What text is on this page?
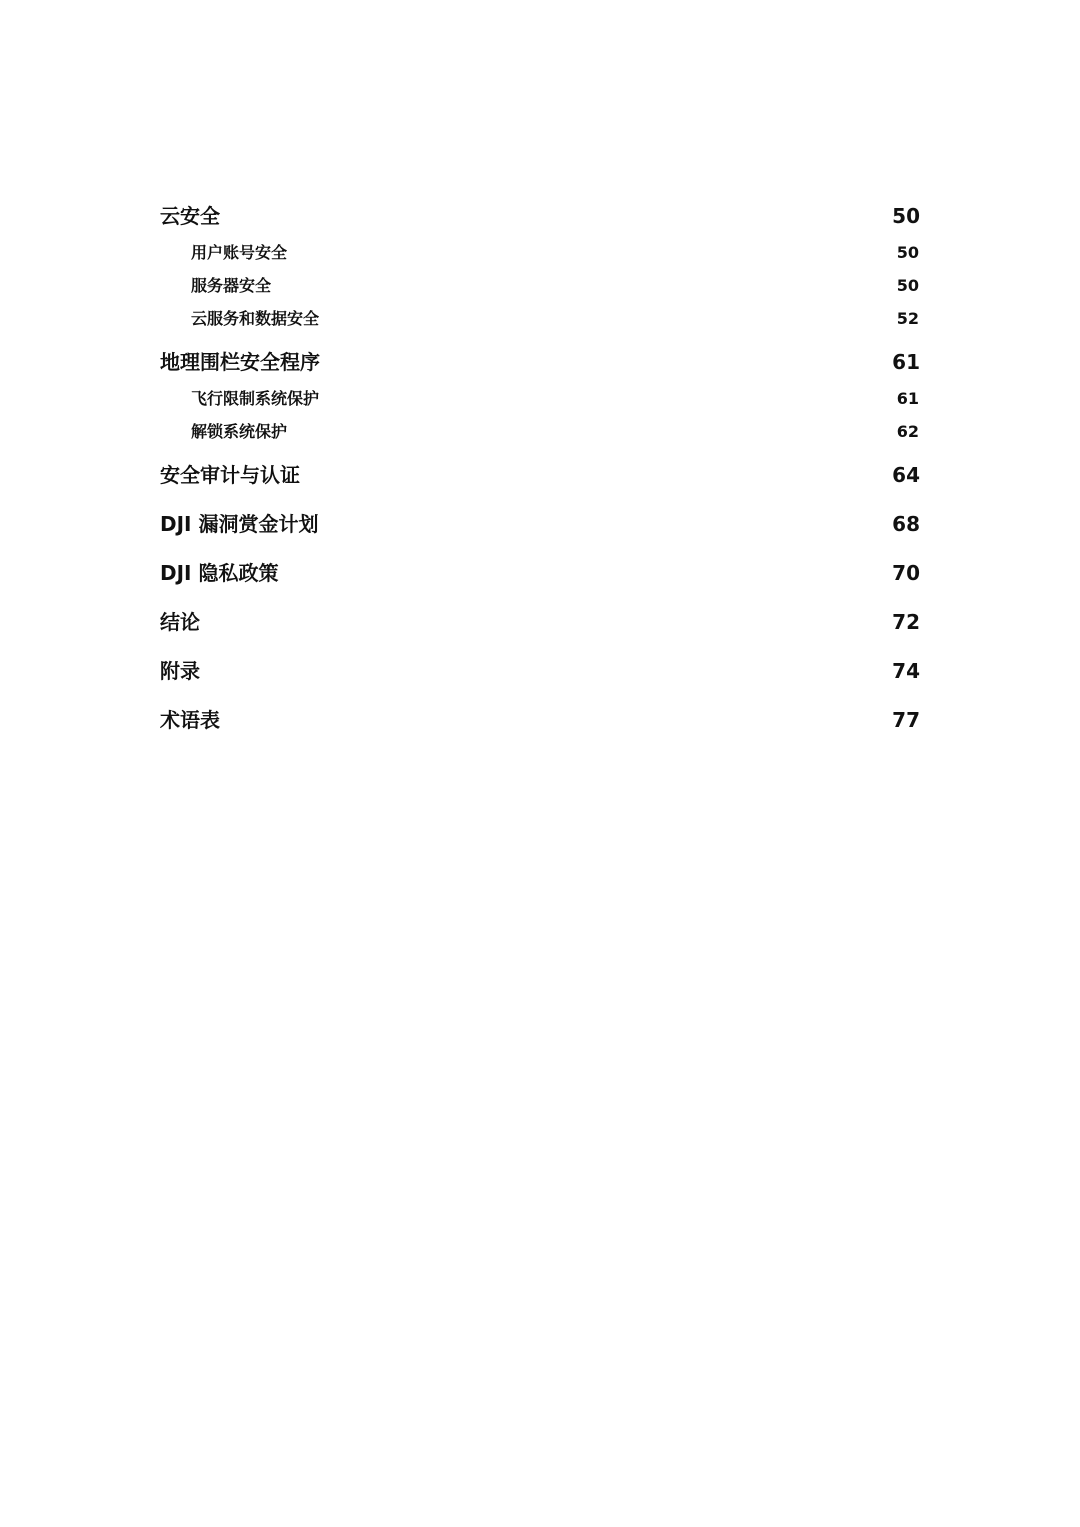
云安全	50
用户账号安全	50
服务器安全	50
云服务和数据安全	52
地理围栏安全程序	61
飞行限制系统保护	61
解锁系统保护	62
安全审计与认证	64
DJI 漏洞赏金计划	68
DJI 隐私政策	70
结论	72
附录	74
术语表	77
